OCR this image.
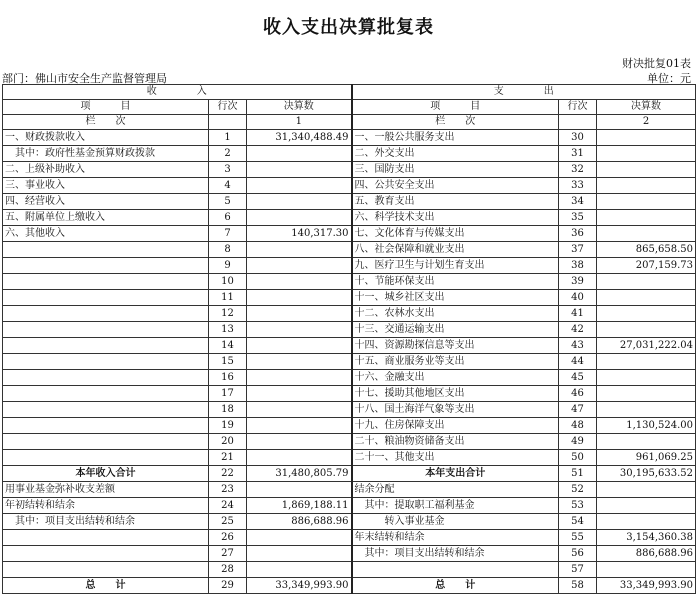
收入支出决算批复表
财决批复01表
部门：佛山市安全生产监督管理局	单位：元
收　　　　入			支　　　　出		
项　　　目	行次	决算数	项　　　目	行次	决算数
栏　　次		1	栏　　次		2
一、财政拨款收入	1	31,340,488.49	一、一般公共服务支出	30	
　其中：政府性基金预算财政拨款	2		二、外交支出	31	
二、上级补助收入	3		三、国防支出	32	
三、事业收入	4		四、公共安全支出	33	
四、经营收入	5		五、教育支出	34	
五、附属单位上缴收入	6		六、科学技术支出	35	
六、其他收入	7	140,317.30	七、文化体育与传媒支出	36	
	8		八、社会保障和就业支出	37	865,658.50
	9		九、医疗卫生与计划生育支出	38	207,159.73
	10		十、节能环保支出	39	
	11		十一、城乡社区支出	40	
	12		十二、农林水支出	41	
	13		十三、交通运输支出	42	
	14		十四、资源勘探信息等支出	43	27,031,222.04
	15		十五、商业服务业等支出	44	
	16		十六、金融支出	45	
	17		十七、援助其他地区支出	46	
	18		十八、国土海洋气象等支出	47	
	19		十九、住房保障支出	48	1,130,524.00
	20		二十、粮油物资储备支出	49	
	21		二十一、其他支出	50	961,069.25
本年收入合计	22	31,480,805.79	本年支出合计	51	30,195,633.52
用事业基金弥补收支差额	23		结余分配	52	
年初结转和结余	24	1,869,188.11	　其中：提取职工福利基金	53	
　其中：项目支出结转和结余	25	886,688.96	　　　转入事业基金	54	
	26		年末结转和结余	55	3,154,360.38
	27		　其中：项目支出结转和结余	56	886,688.96
	28			57	
总　　计	29	33,349,993.90	总　　计	58	33,349,993.90
